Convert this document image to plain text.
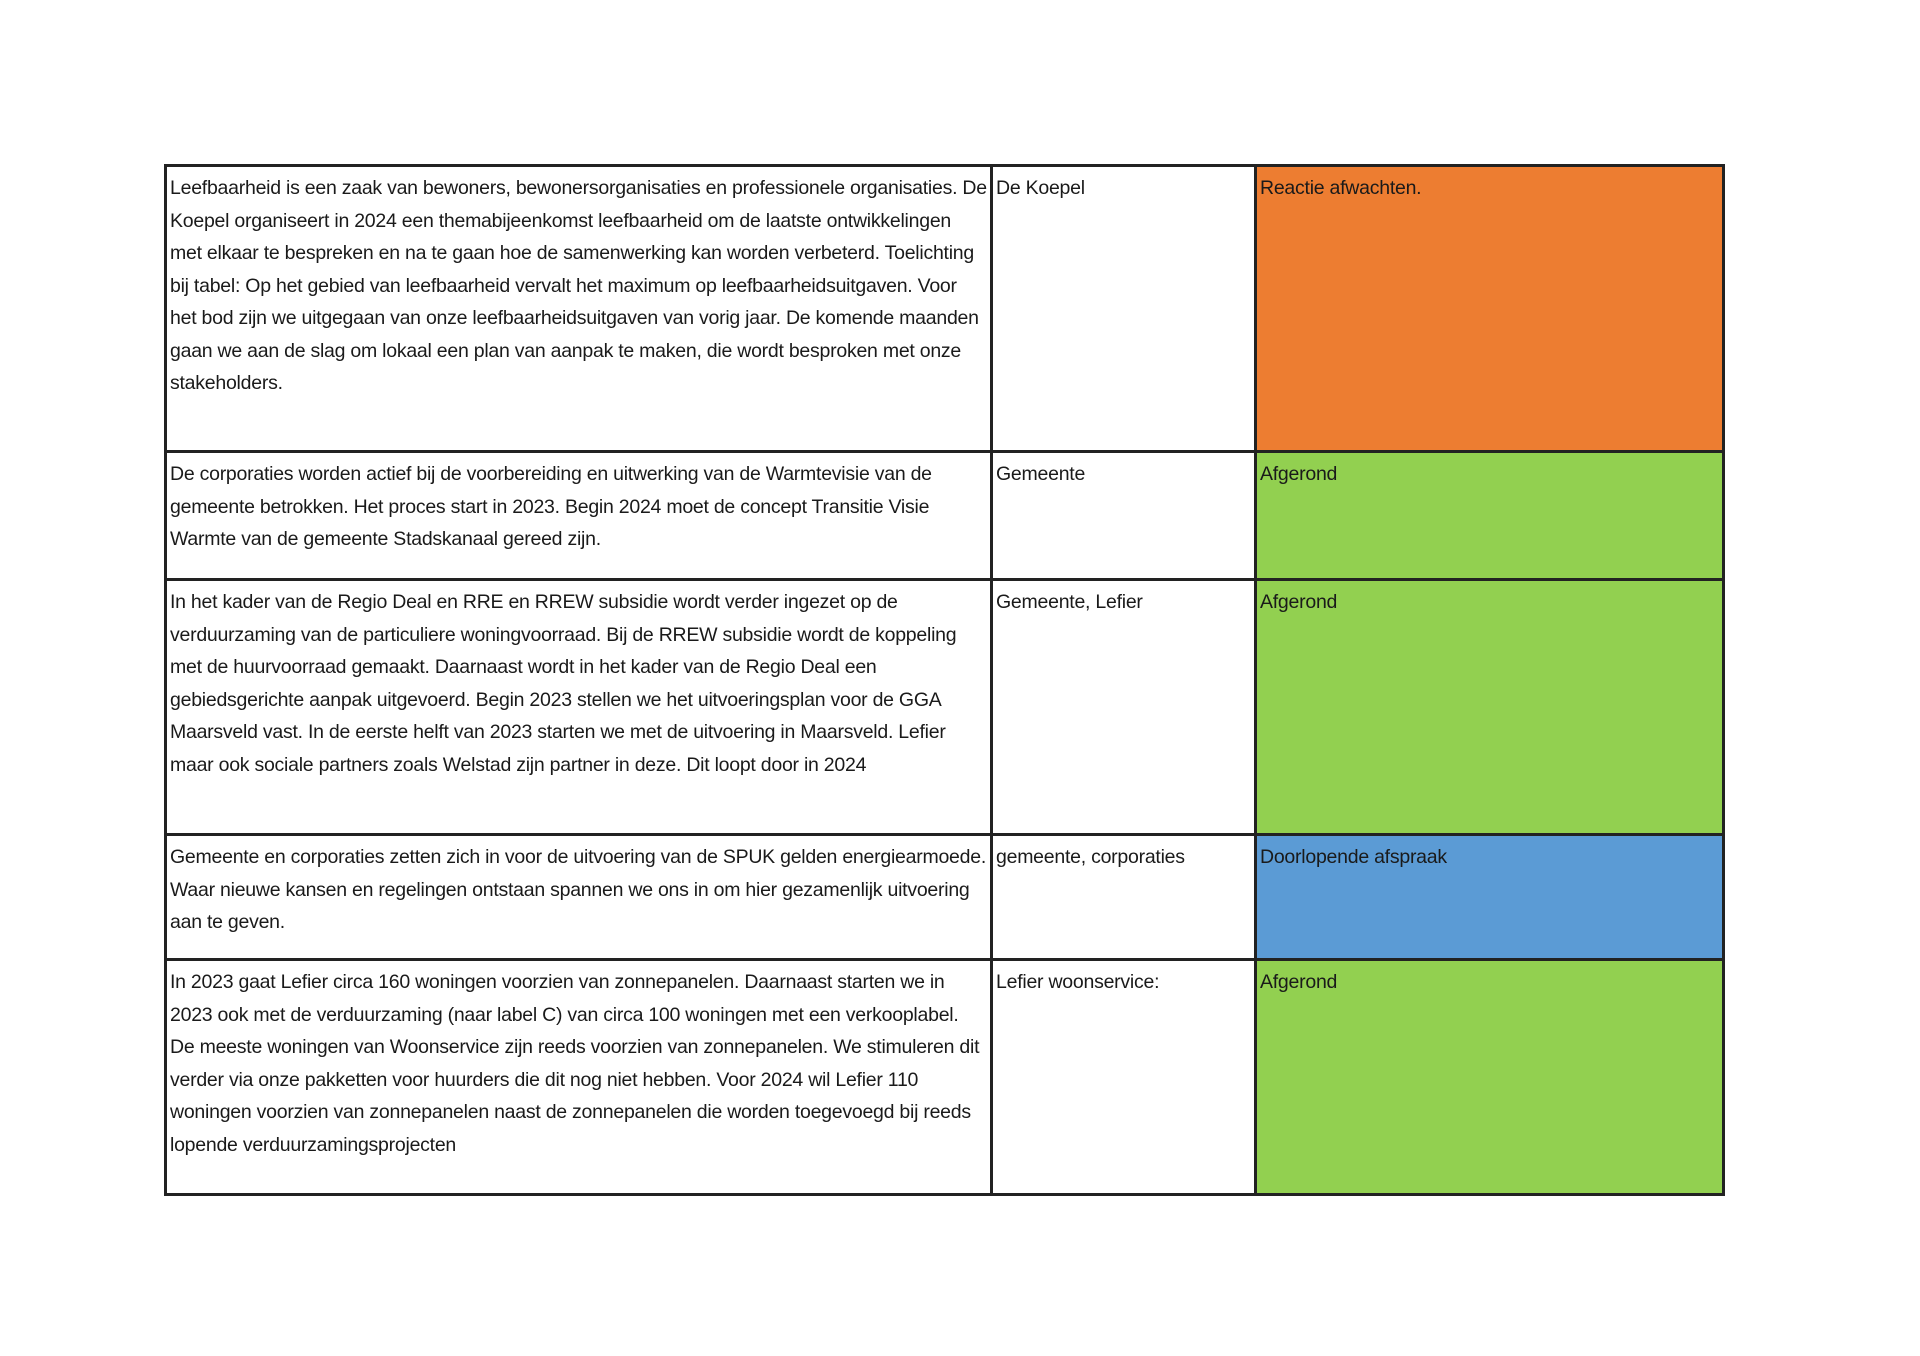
Leefbaarheid is een zaak van bewoners, bewonersorganisaties en professionele organisaties. De Koepel organiseert in 2024 een themabijeenkomst leefbaarheid om de laatste ontwikkelingen met elkaar te bespreken en na te gaan hoe de samenwerking kan worden verbeterd. Toelichting bij tabel: Op het gebied van leefbaarheid vervalt het maximum op leefbaarheidsuitgaven. Voor het bod zijn we uitgegaan van onze leefbaarheidsuitgaven van vorig jaar. De komende maanden gaan we aan de slag om lokaal een plan van aanpak te maken, die wordt besproken met onze stakeholders.	De Koepel	Reactie afwachten.
De corporaties worden actief bij de voorbereiding en uitwerking van de Warmtevisie van de gemeente betrokken. Het proces start in 2023. Begin 2024 moet de concept Transitie Visie Warmte van de gemeente Stadskanaal gereed zijn.	Gemeente	Afgerond
In het kader van de Regio Deal en RRE en RREW subsidie wordt verder ingezet op de verduurzaming van de particuliere woningvoorraad. Bij de RREW subsidie wordt de koppeling met de huurvoorraad gemaakt. Daarnaast wordt in het kader van de Regio Deal een gebiedsgerichte aanpak uitgevoerd. Begin 2023 stellen we het uitvoeringsplan voor de GGA Maarsveld vast. In de eerste helft van 2023 starten we met de uitvoering in Maarsveld. Lefier maar ook sociale partners zoals Welstad zijn partner in deze. Dit loopt door in 2024	Gemeente, Lefier	Afgerond
Gemeente en corporaties zetten zich in voor de uitvoering van de SPUK gelden energiearmoede. Waar nieuwe kansen en regelingen ontstaan spannen we ons in om hier gezamenlijk uitvoering aan te geven.	gemeente, corporaties	Doorlopende afspraak
In 2023 gaat Lefier circa 160 woningen voorzien van zonnepanelen. Daarnaast starten we in 2023 ook met de verduurzaming (naar label C) van circa 100 woningen met een verkooplabel. De meeste woningen van Woonservice zijn reeds voorzien van zonnepanelen. We stimuleren dit verder via onze pakketten voor huurders die dit nog niet hebben. Voor 2024 wil Lefier 110 woningen voorzien van zonnepanelen naast de zonnepanelen die worden toegevoegd bij reeds lopende verduurzamingsprojecten	Lefier woonservice:	Afgerond
